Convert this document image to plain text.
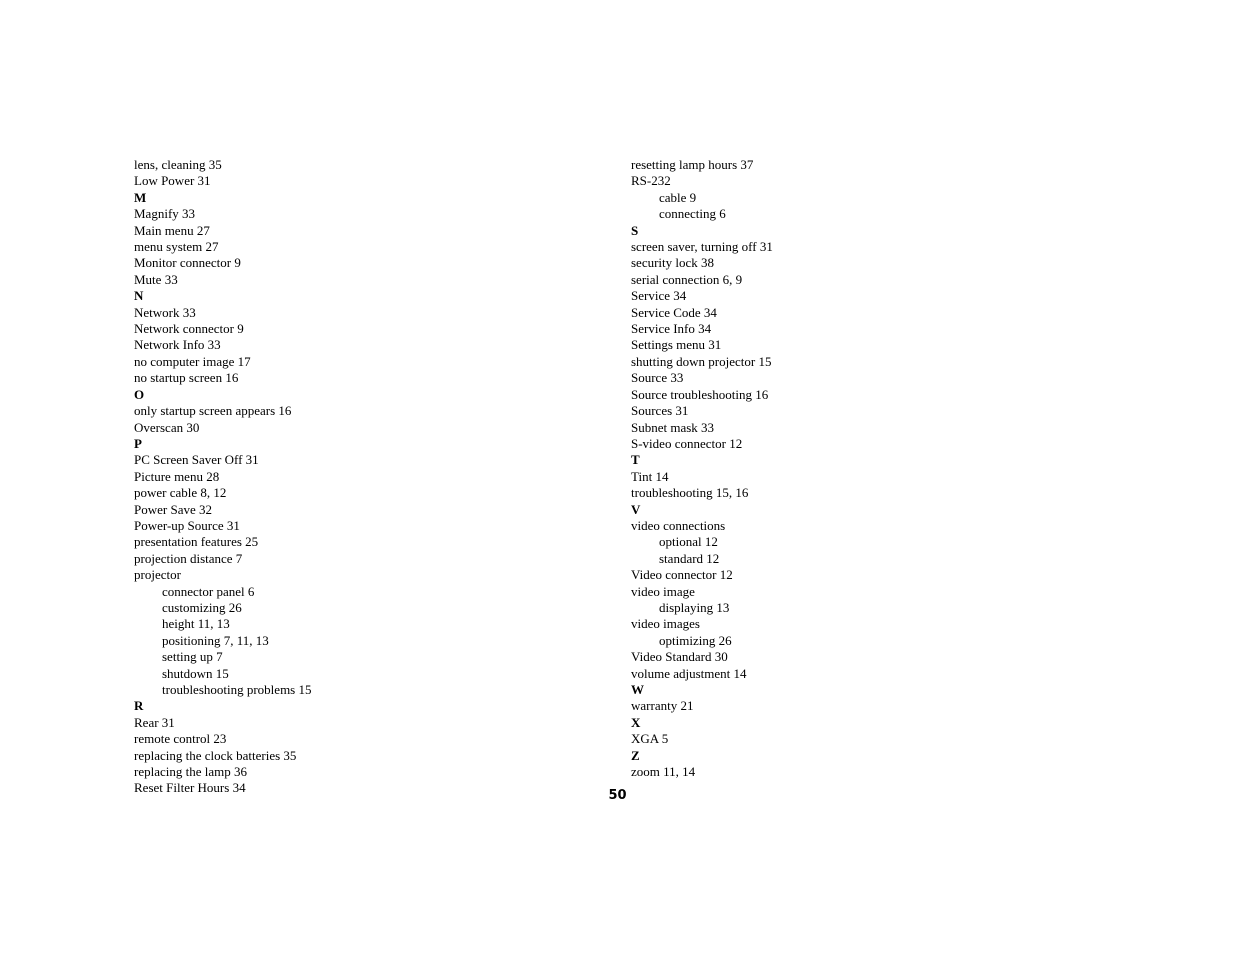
lens, cleaning 35
Low Power 31
M
Magnify 33
Main menu 27
menu system 27
Monitor connector 9
Mute 33
N
Network 33
Network connector 9
Network Info 33
no computer image 17
no startup screen 16
O
only startup screen appears 16
Overscan 30
P
PC Screen Saver Off 31
Picture menu 28
power cable 8, 12
Power Save 32
Power-up Source 31
presentation features 25
projection distance 7
projector
connector panel 6
customizing 26
height 11, 13
positioning 7, 11, 13
setting up 7
shutdown 15
troubleshooting problems 15
R
Rear 31
remote control 23
replacing the clock batteries 35
replacing the lamp 36
Reset Filter Hours 34
resetting lamp hours 37
RS-232
cable 9
connecting 6
S
screen saver, turning off 31
security lock 38
serial connection 6, 9
Service 34
Service Code 34
Service Info 34
Settings menu 31
shutting down projector 15
Source 33
Source troubleshooting 16
Sources 31
Subnet mask 33
S-video connector 12
T
Tint 14
troubleshooting 15, 16
V
video connections
optional 12
standard 12
Video connector 12
video image
displaying 13
video images
optimizing 26
Video Standard 30
volume adjustment 14
W
warranty 21
X
XGA 5
Z
zoom 11, 14
50
